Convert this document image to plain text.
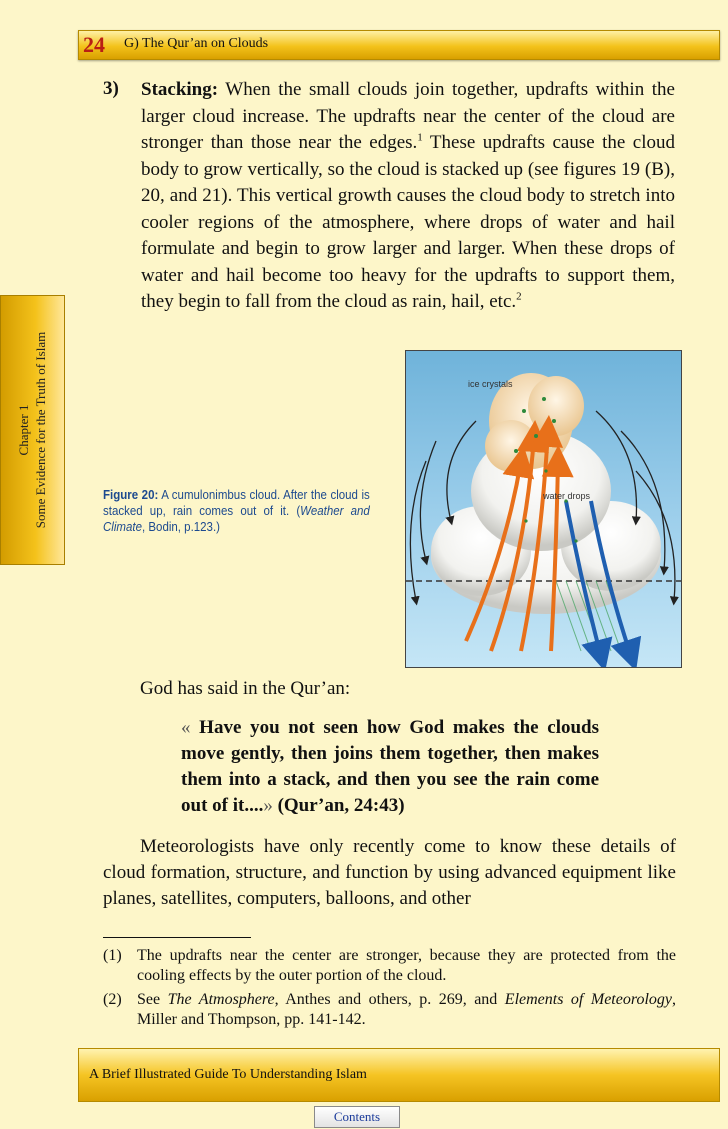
24 G) The Qur’an on Clouds
Chapter 1 Some Evidence for the Truth of Islam
3) Stacking: When the small clouds join together, updrafts within the larger cloud increase. The updrafts near the center of the cloud are stronger than those near the edges.$^1$ These updrafts cause the cloud body to grow vertically, so the cloud is stacked up (see figures 19 (B), 20, and 21). This vertical growth causes the cloud body to stretch into cooler regions of the atmosphere, where drops of water and hail formulate and begin to grow larger and larger. When these drops of water and hail become too heavy for the updrafts to support them, they begin to fall from the cloud as rain, hail, etc.$^2$

ice crystals
water drops
Figure 20: A cumulonimbus cloud. After the cloud is stacked up, rain comes out of it. (Weather and Climate, Bodin, p.123.)

God has said in the Qur’an:

« Have you not seen how God makes the clouds move gently, then joins them together, then makes them into a stack, and then you see the rain come out of it....» (Qur’an, 24:43)

Meteorologists have only recently come to know these details of cloud formation, structure, and function by using advanced equipment like planes, satellites, computers, balloons, and other

(1) The updrafts near the center are stronger, because they are protected from the cooling effects by the outer portion of the cloud.
(2) See The Atmosphere, Anthes and others, p. 269, and Elements of Meteorology, Miller and Thompson, pp. 141-142.
A Brief Illustrated Guide To Understanding Islam
Contents
